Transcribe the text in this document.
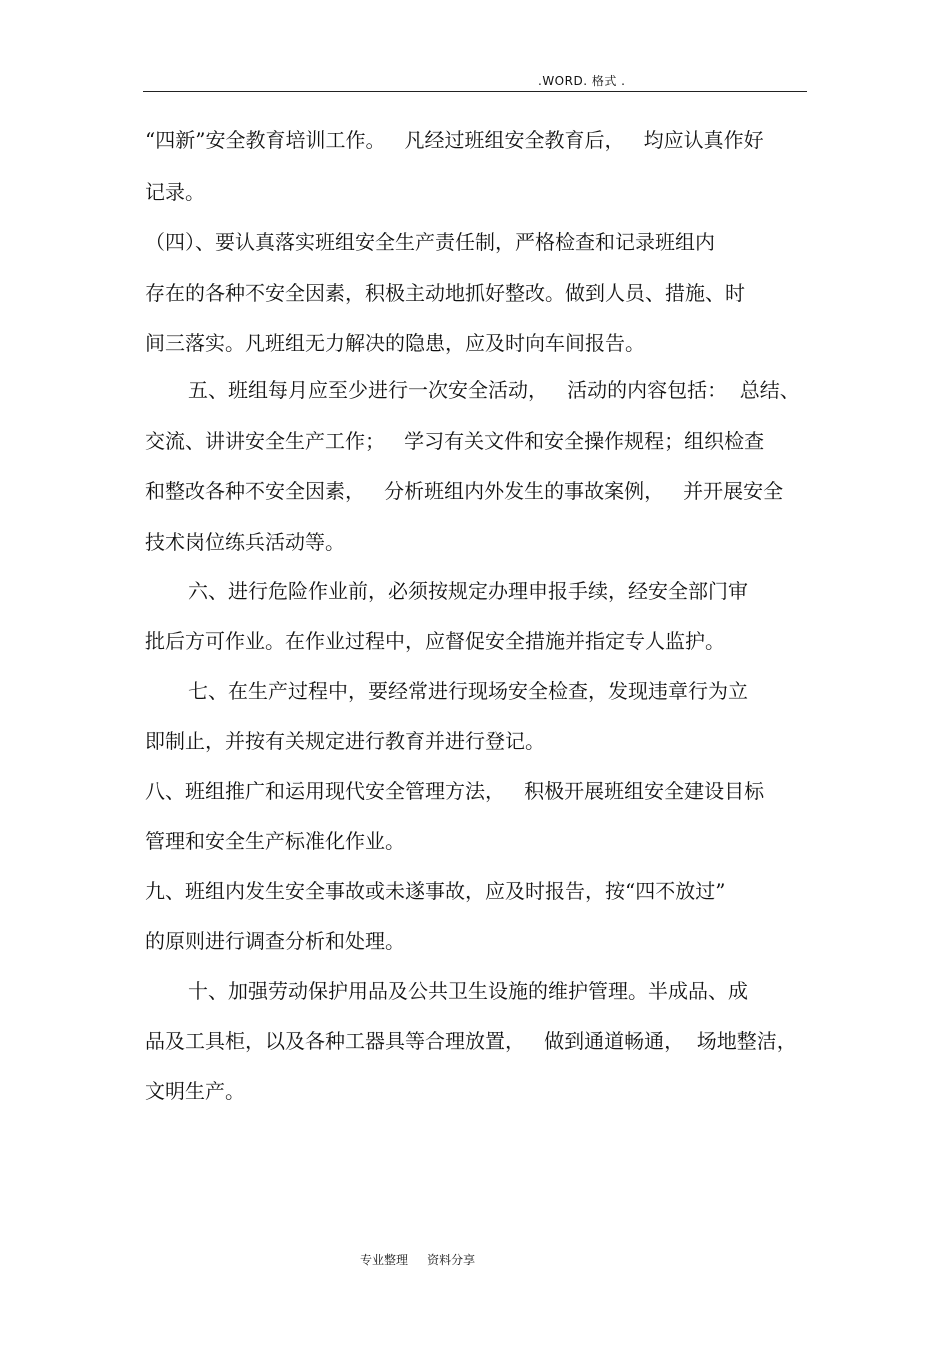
.WORD. 格式 .
“四新”安全教育培训工作。   凡经过班组安全教育后，   均应认真作好
记录。
（四）、要认真落实班组安全生产责任制，严格检查和记录班组内
存在的各种不安全因素，积极主动地抓好整改。做到人员、措施、时
间三落实。凡班组无力解决的隐患，应及时向车间报告。
五、班组每月应至少进行一次安全活动，   活动的内容包括：  总结、
交流、讲讲安全生产工作；   学习有关文件和安全操作规程；组织检查
和整改各种不安全因素，   分析班组内外发生的事故案例，   并开展安全
技术岗位练兵活动等。
六、进行危险作业前，必须按规定办理申报手续，经安全部门审
批后方可作业。在作业过程中，应督促安全措施并指定专人监护。
七、在生产过程中，要经常进行现场安全检查，发现违章行为立
即制止，并按有关规定进行教育并进行登记。
八、班组推广和运用现代安全管理方法，   积极开展班组安全建设目标
管理和安全生产标准化作业。
九、班组内发生安全事故或未遂事故，应及时报告，按“四不放过”
的原则进行调查分析和处理。
十、加强劳动保护用品及公共卫生设施的维护管理。半成品、成
品及工具柜，以及各种工器具等合理放置，   做到通道畅通，  场地整洁，
文明生产。
专业整理     资料分享
